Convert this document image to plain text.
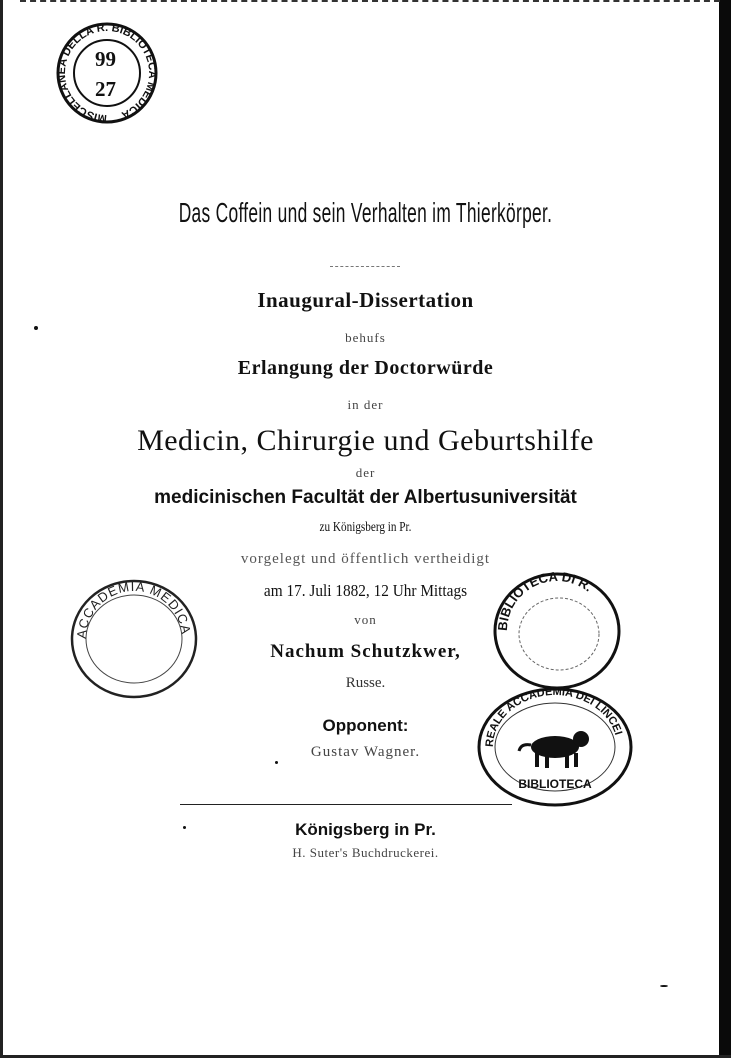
MISCELLANEA DELLA R. BIBLIOTECA MEDICA
99
27
Das Coffein und sein Verhalten im Thierkörper.
Inaugural-Dissertation
behufs
Erlangung der Doctorwürde
in der
Medicin, Chirurgie und Geburtshilfe
der
medicinischen Facultät der Albertusuniversität
zu Königsberg in Pr.
vorgelegt und öffentlich vertheidigt
am 17. Juli 1882, 12 Uhr Mittags
von
Nachum Schutzkwer,
Russe.
Opponent:
Gustav Wagner.
Königsberg in Pr.
H. Suter's Buchdruckerei.
ACCADEMIA MEDICA	BIBLIOTECA DI R.
REALE ACCADEMIA DEI LINCEI
BIBLIOTECA
